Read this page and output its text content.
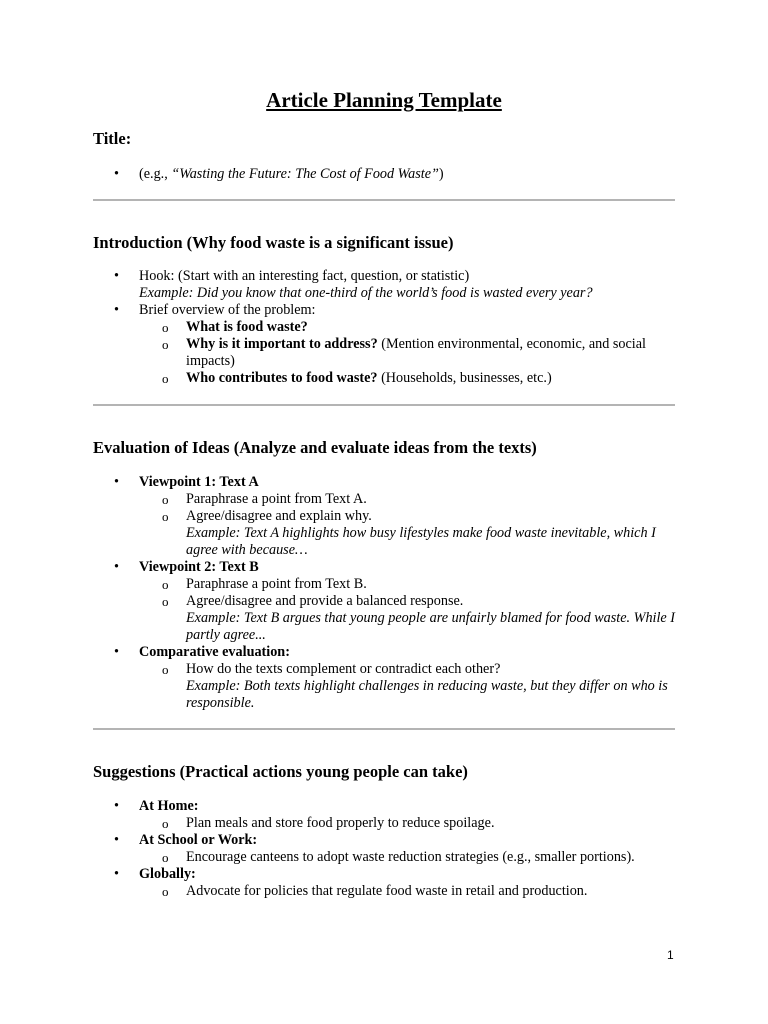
Article Planning Template

Title:

• (e.g., “Wasting the Future: The Cost of Food Waste”)
Introduction (Why food waste is a significant issue)
• Hook: (Start with an interesting fact, question, or statistic)
Example: Did you know that one-third of the world’s food is wasted every year?
• Brief overview of the problem:
o What is food waste?
o Why is it important to address? (Mention environmental, economic, and social impacts)
o Who contributes to food waste? (Households, businesses, etc.)
Evaluation of Ideas (Analyze and evaluate ideas from the texts)
• Viewpoint 1: Text A
o Paraphrase a point from Text A.
o Agree/disagree and explain why.
Example: Text A highlights how busy lifestyles make food waste inevitable, which I agree with because…
• Viewpoint 2: Text B
o Paraphrase a point from Text B.
o Agree/disagree and provide a balanced response.
Example: Text B argues that young people are unfairly blamed for food waste. While I partly agree...
• Comparative evaluation:
o How do the texts complement or contradict each other?
Example: Both texts highlight challenges in reducing waste, but they differ on who is responsible.
Suggestions (Practical actions young people can take)
• At Home:
o Plan meals and store food properly to reduce spoilage.
• At School or Work:
o Encourage canteens to adopt waste reduction strategies (e.g., smaller portions).
• Globally:
o Advocate for policies that regulate food waste in retail and production.
1
